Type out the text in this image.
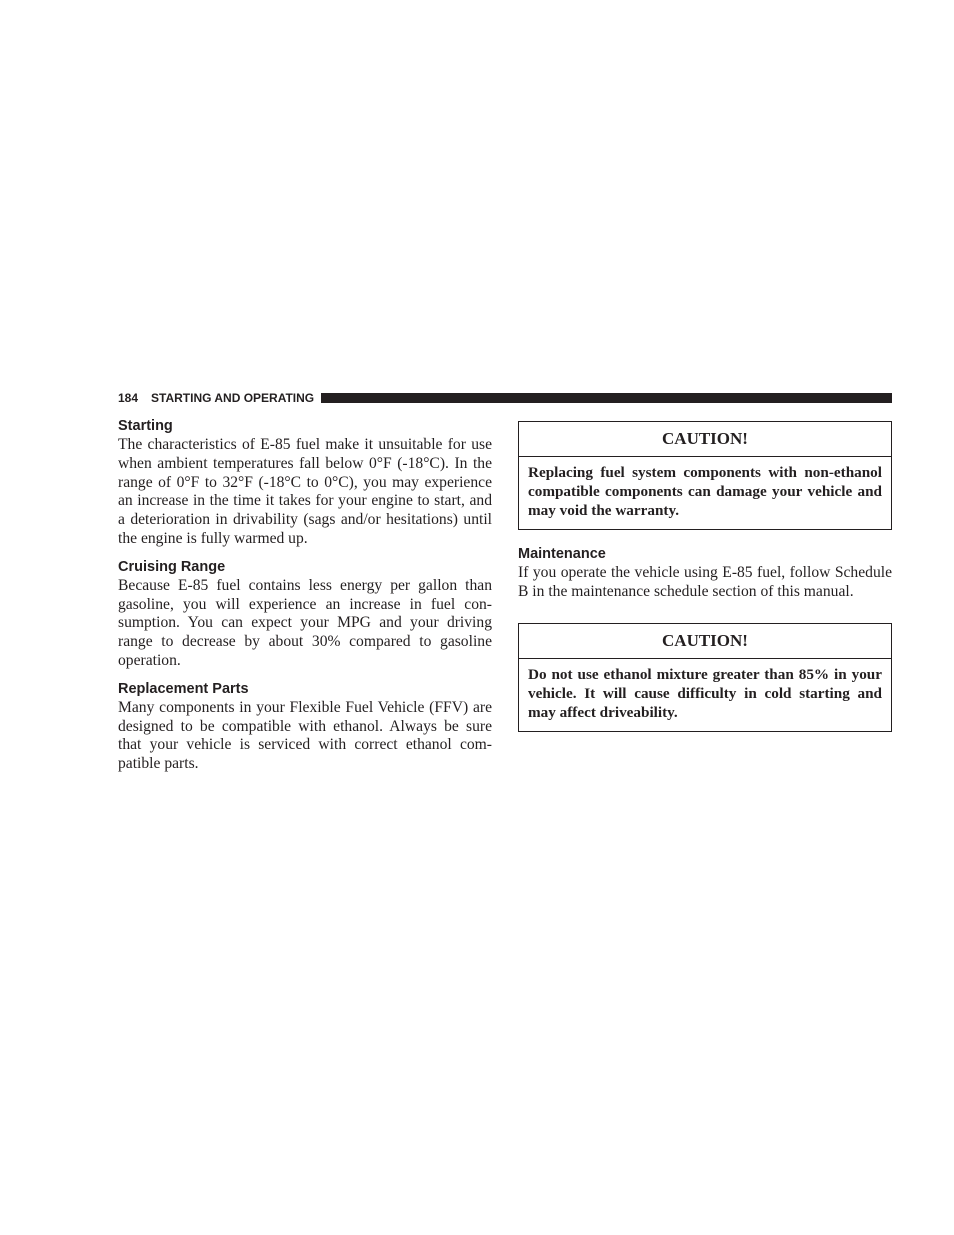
184 STARTING AND OPERATING
Starting

The characteristics of E-85 fuel make it unsuitable for use when ambient temperatures fall below 0°F (-18°C). In the range of 0°F to 32°F (-18°C to 0°C), you may experience an increase in the time it takes for your engine to start, and a deterioration in drivability (sags and/or hesitations) until the engine is fully warmed up.

Cruising Range

Because E-85 fuel contains less energy per gallon than gasoline, you will experience an increase in fuel consumption. You can expect your MPG and your driving range to decrease by about 30% compared to gasoline operation.

Replacement Parts

Many components in your Flexible Fuel Vehicle (FFV) are designed to be compatible with ethanol. Always be sure that your vehicle is serviced with correct ethanol compatible parts.

CAUTION!
Replacing fuel system components with non-ethanol compatible components can damage your vehicle and may void the warranty.
Maintenance

If you operate the vehicle using E-85 fuel, follow Schedule B in the maintenance schedule section of this manual.

CAUTION!
Do not use ethanol mixture greater than 85% in your vehicle. It will cause difficulty in cold starting and may affect driveability.
